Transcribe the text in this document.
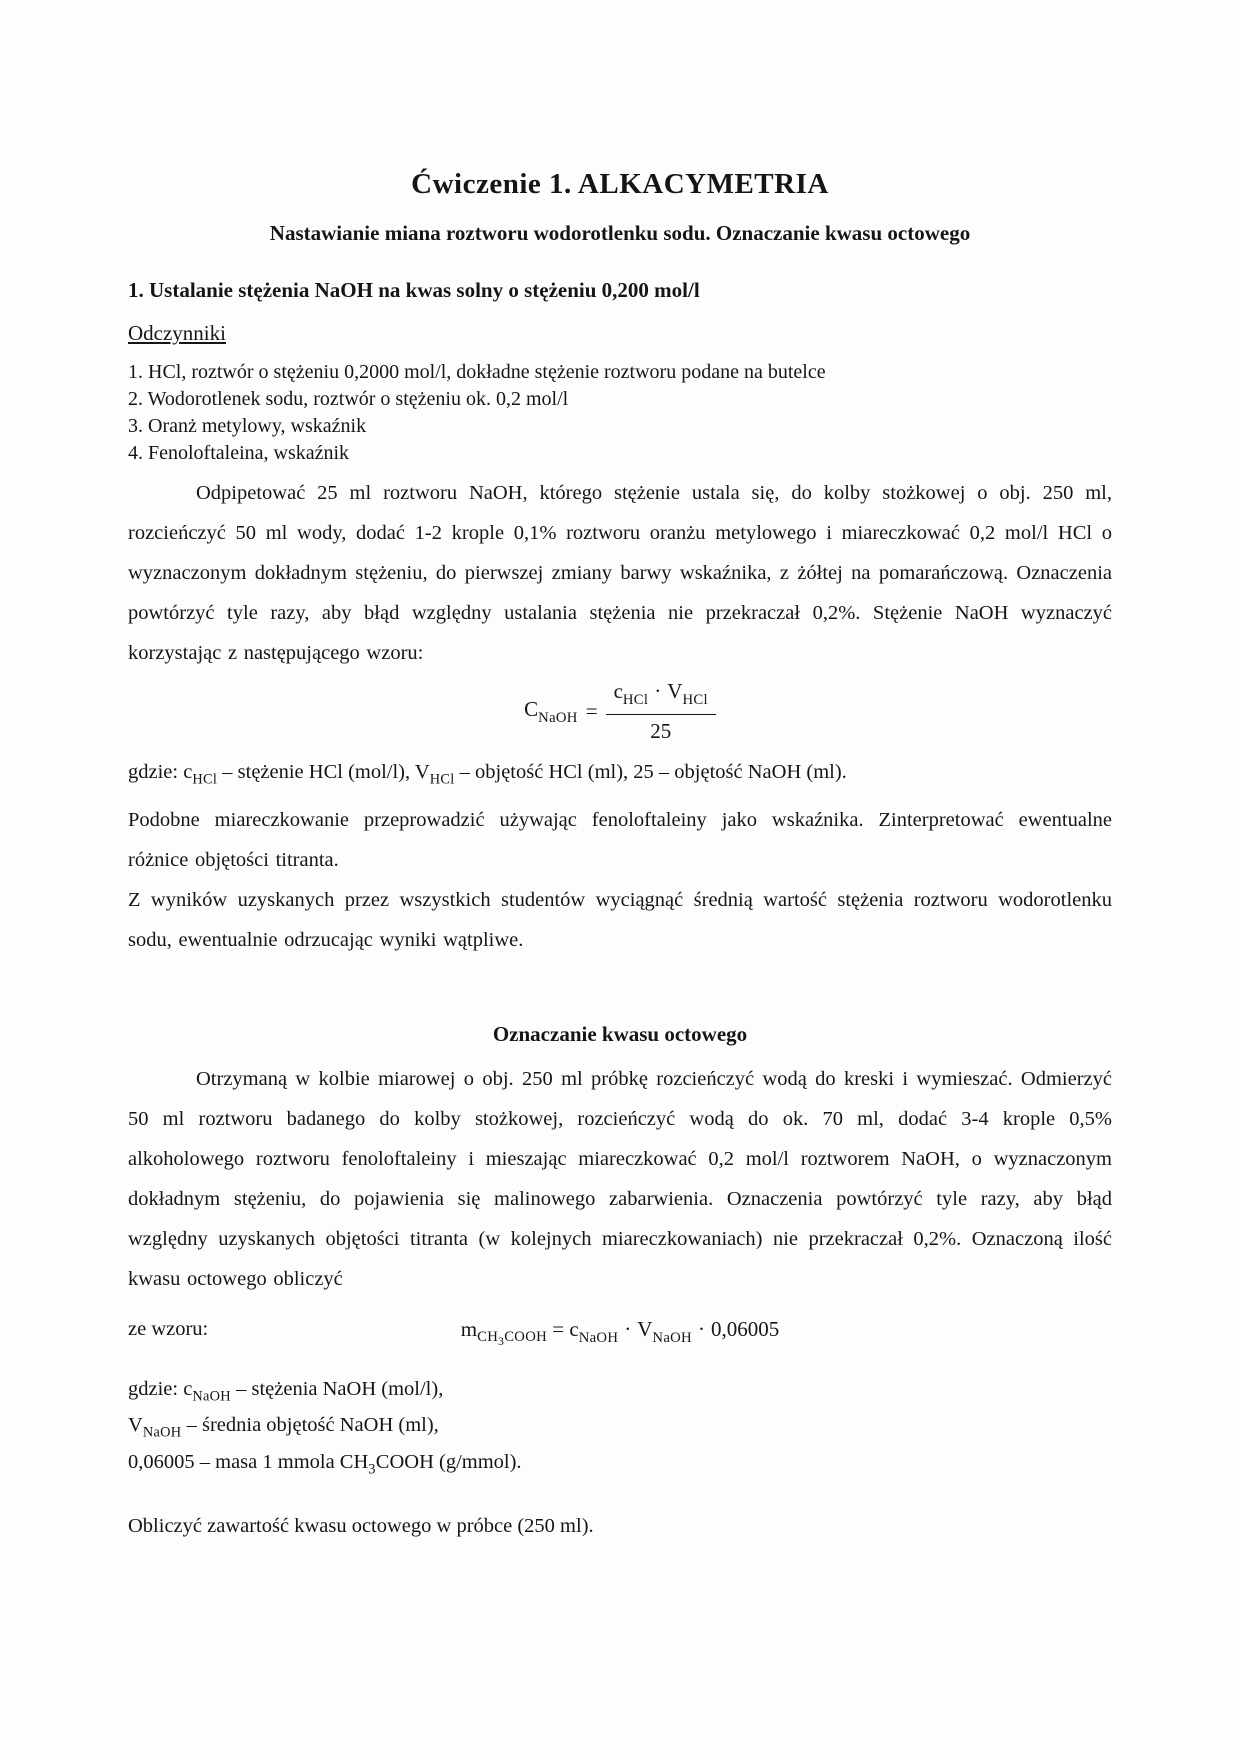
Ćwiczenie 1. ALKACYMETRIA
Nastawianie miana roztworu wodorotlenku sodu. Oznaczanie kwasu octowego
1. Ustalanie stężenia NaOH na kwas solny o stężeniu 0,200 mol/l
Odczynniki
1. HCl, roztwór o stężeniu 0,2000 mol/l, dokładne stężenie roztworu podane na butelce
2. Wodorotlenek sodu, roztwór o stężeniu ok. 0,2 mol/l
3. Oranż metylowy, wskaźnik
4. Fenoloftaleina, wskaźnik
Odpipetować 25 ml roztworu NaOH, którego stężenie ustala się, do kolby stożkowej o obj. 250 ml, rozcieńczyć 50 ml wody, dodać 1-2 krople 0,1% roztworu oranżu metylowego i miareczkować 0,2 mol/l HCl o wyznaczonym dokładnym stężeniu, do pierwszej zmiany barwy wskaźnika, z żółtej na pomarańczową. Oznaczenia powtórzyć tyle razy, aby błąd względny ustalania stężenia nie przekraczał 0,2%. Stężenie NaOH wyznaczyć korzystając z następującego wzoru:
$C_{NaOH} = \frac{c_{HCl} \cdot V_{HCl}}{25}$
gdzie: $c_{HCl}$ – stężenie HCl (mol/l), $V_{HCl}$ – objętość HCl (ml), 25 – objętość NaOH (ml).
Podobne miareczkowanie przeprowadzić używając fenoloftaleiny jako wskaźnika. Zinterpretować ewentualne różnice objętości titranta.
Z wyników uzyskanych przez wszystkich studentów wyciągnąć średnią wartość stężenia roztworu wodorotlenku sodu, ewentualnie odrzucając wyniki wątpliwe.
Oznaczanie kwasu octowego
Otrzymaną w kolbie miarowej o obj. 250 ml próbkę rozcieńczyć wodą do kreski i wymieszać. Odmierzyć 50 ml roztworu badanego do kolby stożkowej, rozcieńczyć wodą do ok. 70 ml, dodać 3-4 krople 0,5% alkoholowego roztworu fenoloftaleiny i mieszając miareczkować 0,2 mol/l roztworem NaOH, o wyznaczonym dokładnym stężeniu, do pojawienia się malinowego zabarwienia. Oznaczenia powtórzyć tyle razy, aby błąd względny uzyskanych objętości titranta (w kolejnych miareczkowaniach) nie przekraczał 0,2%. Oznaczoną ilość kwasu octowego obliczyć
ze wzoru:	$m_{CH_3COOH} = c_{NaOH} \cdot V_{NaOH} \cdot 0,06005$
gdzie: $c_{NaOH}$ – stężenia NaOH (mol/l),
$V_{NaOH}$ – średnia objętość NaOH (ml),
0,06005 – masa 1 mmola $CH_3COOH$ (g/mmol).
Obliczyć zawartość kwasu octowego w próbce (250 ml).
